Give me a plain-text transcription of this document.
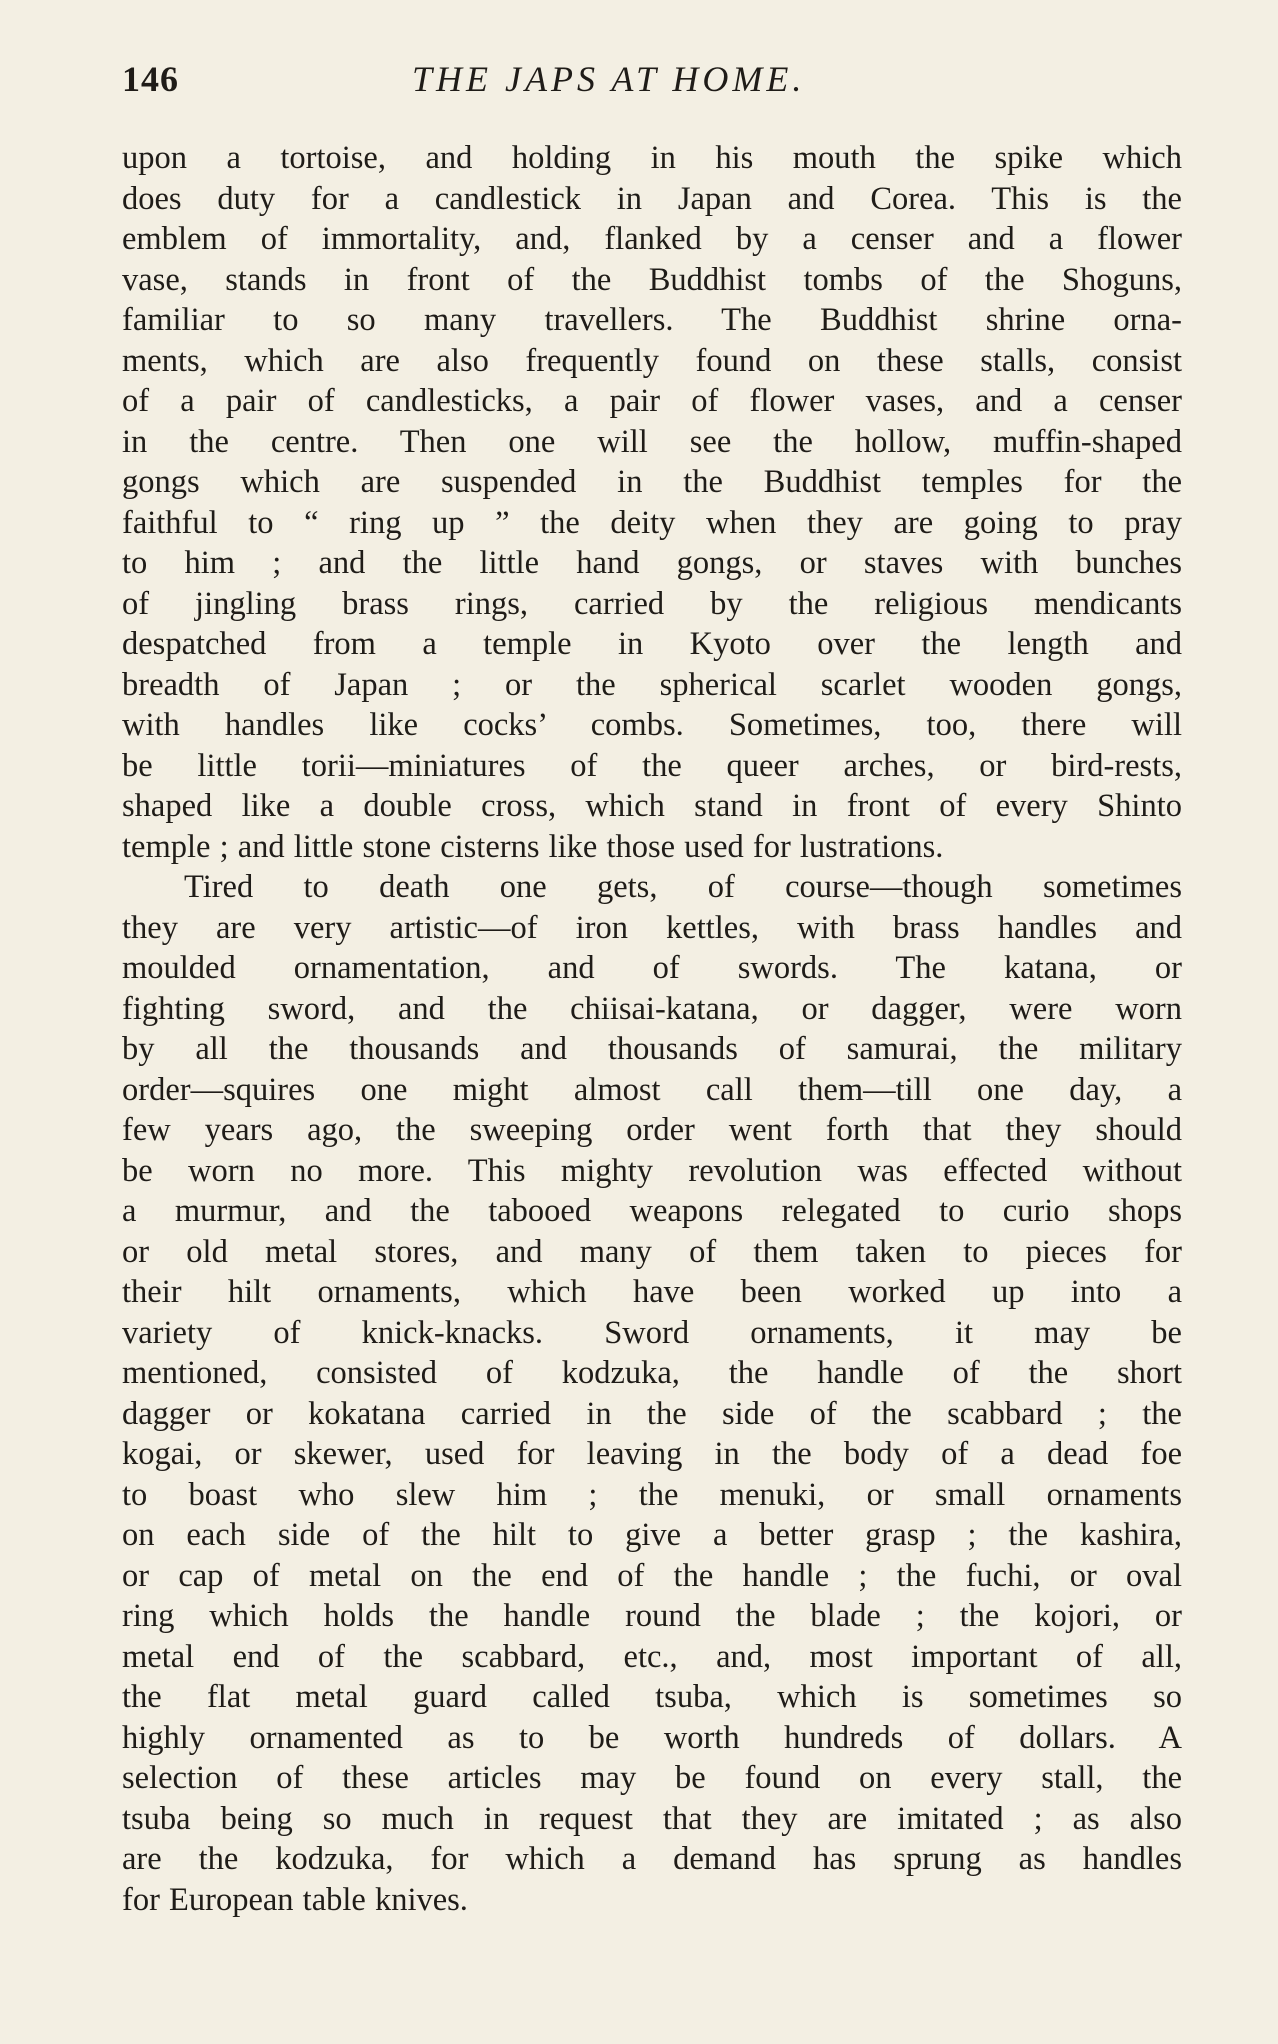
146	THE JAPS AT HOME.
upon a tortoise, and holding in his mouth the spike which
does duty for a candlestick in Japan and Corea. This is the
emblem of immortality, and, flanked by a censer and a flower
vase, stands in front of the Buddhist tombs of the Shoguns,
familiar to so many travellers. The Buddhist shrine orna-
ments, which are also frequently found on these stalls, consist
of a pair of candlesticks, a pair of flower vases, and a censer
in the centre. Then one will see the hollow, muffin-shaped
gongs which are suspended in the Buddhist temples for the
faithful to “ ring up ” the deity when they are going to pray
to him ; and the little hand gongs, or staves with bunches
of jingling brass rings, carried by the religious mendicants
despatched from a temple in Kyoto over the length and
breadth of Japan ; or the spherical scarlet wooden gongs,
with handles like cocks’ combs. Sometimes, too, there will
be little torii—miniatures of the queer arches, or bird-rests,
shaped like a double cross, which stand in front of every Shinto
temple ; and little stone cisterns like those used for lustrations.
Tired to death one gets, of course—though sometimes
they are very artistic—of iron kettles, with brass handles and
moulded ornamentation, and of swords. The katana, or
fighting sword, and the chiisai-katana, or dagger, were worn
by all the thousands and thousands of samurai, the military
order—squires one might almost call them—till one day, a
few years ago, the sweeping order went forth that they should
be worn no more. This mighty revolution was effected without
a murmur, and the tabooed weapons relegated to curio shops
or old metal stores, and many of them taken to pieces for
their hilt ornaments, which have been worked up into a
variety of knick-knacks. Sword ornaments, it may be
mentioned, consisted of kodzuka, the handle of the short
dagger or kokatana carried in the side of the scabbard ; the
kogai, or skewer, used for leaving in the body of a dead foe
to boast who slew him ; the menuki, or small ornaments
on each side of the hilt to give a better grasp ; the kashira,
or cap of metal on the end of the handle ; the fuchi, or oval
ring which holds the handle round the blade ; the kojori, or
metal end of the scabbard, etc., and, most important of all,
the flat metal guard called tsuba, which is sometimes so
highly ornamented as to be worth hundreds of dollars. A
selection of these articles may be found on every stall, the
tsuba being so much in request that they are imitated ; as also
are the kodzuka, for which a demand has sprung as handles
for European table knives.
